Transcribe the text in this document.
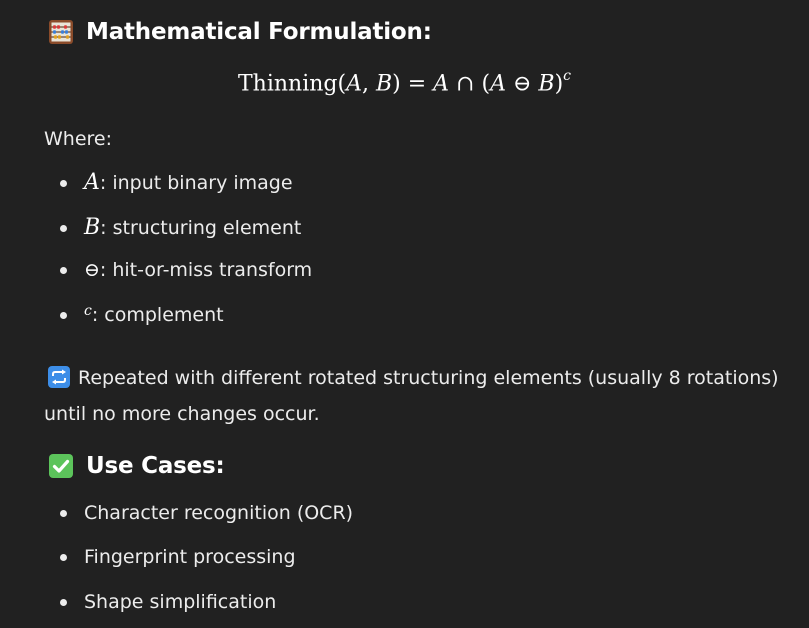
Mathematical Formulation:
Thinning(A, B) = A ∩ (A ⊖ B)$^c$
Where:
A: input binary image
B: structuring element
⊖: hit-or-miss transform
$^c$: complement
Repeated with different rotated structuring elements (usually 8 rotations) until no more changes occur.
Use Cases:
Character recognition (OCR)
Fingerprint processing
Shape simplification
